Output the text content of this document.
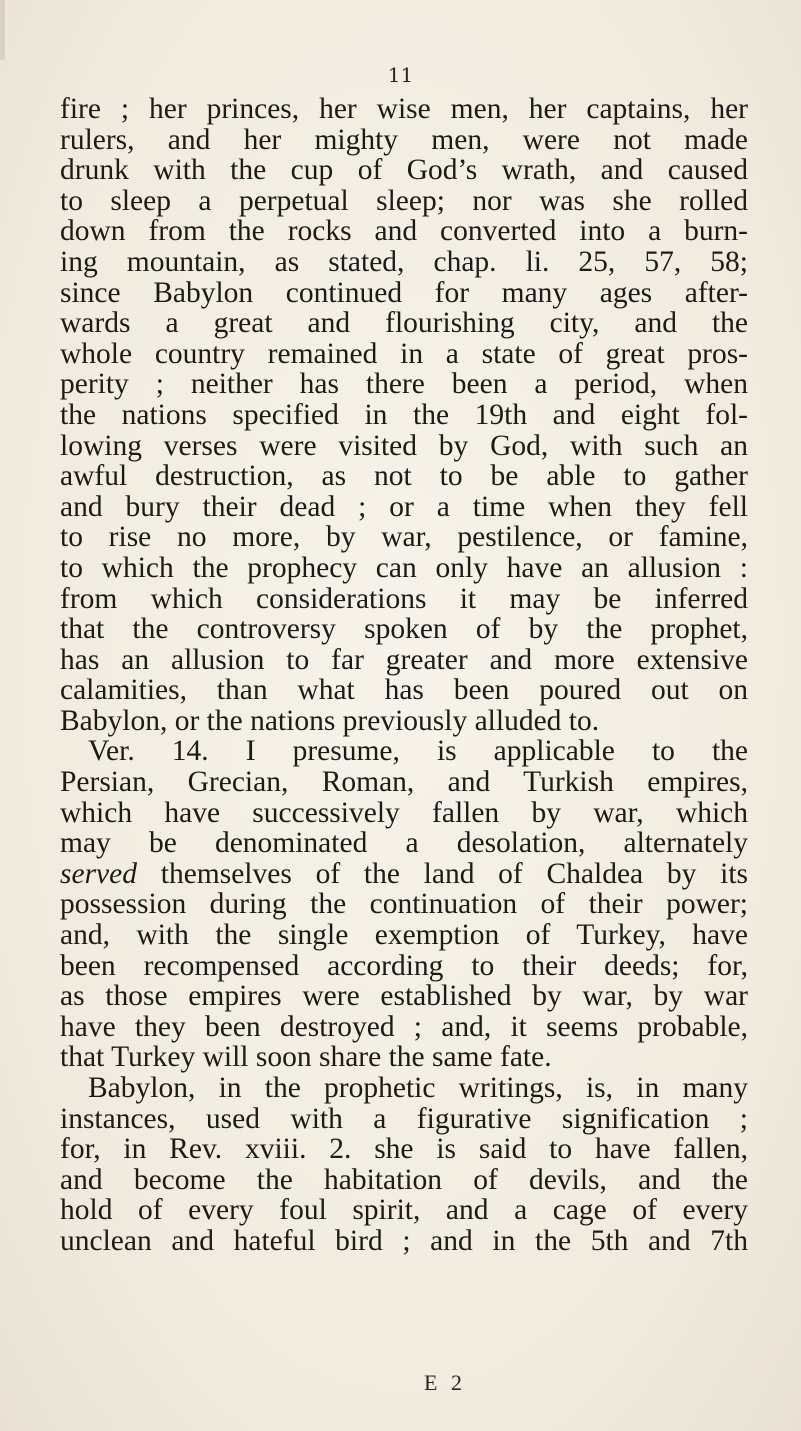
11
fire ; her princes, her wise men, her captains, her
rulers, and her mighty men, were not made
drunk with the cup of God’s wrath, and caused
to sleep a perpetual sleep; nor was she rolled
down from the rocks and converted into a burn-
ing mountain, as stated, chap. li. 25, 57, 58;
since Babylon continued for many ages after-
wards a great and flourishing city, and the
whole country remained in a state of great pros-
perity ; neither has there been a period, when
the nations specified in the 19th and eight fol-
lowing verses were visited by God, with such an
awful destruction, as not to be able to gather
and bury their dead ; or a time when they fell
to rise no more, by war, pestilence, or famine,
to which the prophecy can only have an allusion :
from which considerations it may be inferred
that the controversy spoken of by the prophet,
has an allusion to far greater and more extensive
calamities, than what has been poured out on
Babylon, or the nations previously alluded to.
Ver. 14. I presume, is applicable to the
Persian, Grecian, Roman, and Turkish empires,
which have successively fallen by war, which
may be denominated a desolation, alternately
served themselves of the land of Chaldea by its
possession during the continuation of their power;
and, with the single exemption of Turkey, have
been recompensed according to their deeds; for,
as those empires were established by war, by war
have they been destroyed ; and, it seems probable,
that Turkey will soon share the same fate.
Babylon, in the prophetic writings, is, in many
instances, used with a figurative signification ;
for, in Rev. xviii. 2. she is said to have fallen,
and become the habitation of devils, and the
hold of every foul spirit, and a cage of every
unclean and hateful bird ; and in the 5th and 7th
E 2
